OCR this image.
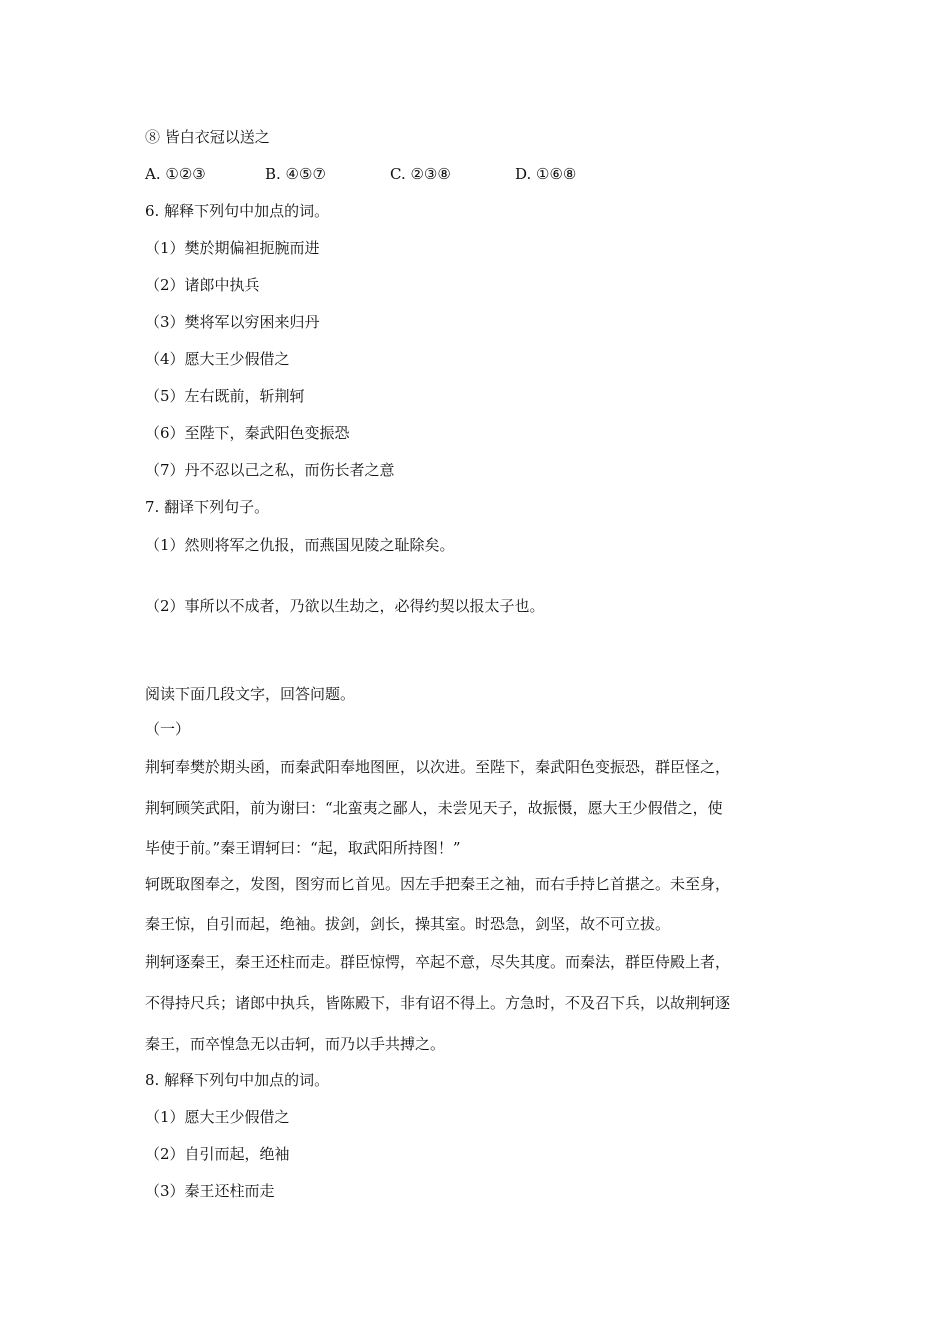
⑧ 皆白衣冠以送之
A. ①②③	B. ④⑤⑦	C. ②③⑧	D. ①⑥⑧
6. 解释下列句中加点的词。
（1）樊於期偏袒扼腕而进
（2）诸郎中执兵
（3）樊将军以穷困来归丹
（4）愿大王少假借之
（5）左右既前，斩荆轲
（6）至陛下，秦武阳色变振恐
（7）丹不忍以己之私，而伤长者之意
7. 翻译下列句子。
（1）然则将军之仇报，而燕国见陵之耻除矣。
（2）事所以不成者，乃欲以生劫之，必得约契以报太子也。
阅读下面几段文字，回答问题。
（一）
荆轲奉樊於期头函，而秦武阳奉地图匣，以次进。至陛下，秦武阳色变振恐，群臣怪之，
荆轲顾笑武阳，前为谢曰：“北蛮夷之鄙人，未尝见天子，故振慑，愿大王少假借之，使
毕使于前。”秦王谓轲曰：“起，取武阳所持图！”
轲既取图奉之，发图，图穷而匕首见。因左手把秦王之袖，而右手持匕首揕之。未至身，
秦王惊，自引而起，绝袖。拔剑，剑长，操其室。时恐急，剑坚，故不可立拔。
荆轲逐秦王，秦王还柱而走。群臣惊愕，卒起不意，尽失其度。而秦法，群臣侍殿上者，
不得持尺兵；诸郎中执兵，皆陈殿下，非有诏不得上。方急时，不及召下兵，以故荆轲逐
秦王，而卒惶急无以击轲，而乃以手共搏之。
8. 解释下列句中加点的词。
（1）愿大王少假借之
（2）自引而起，绝袖
（3）秦王还柱而走
